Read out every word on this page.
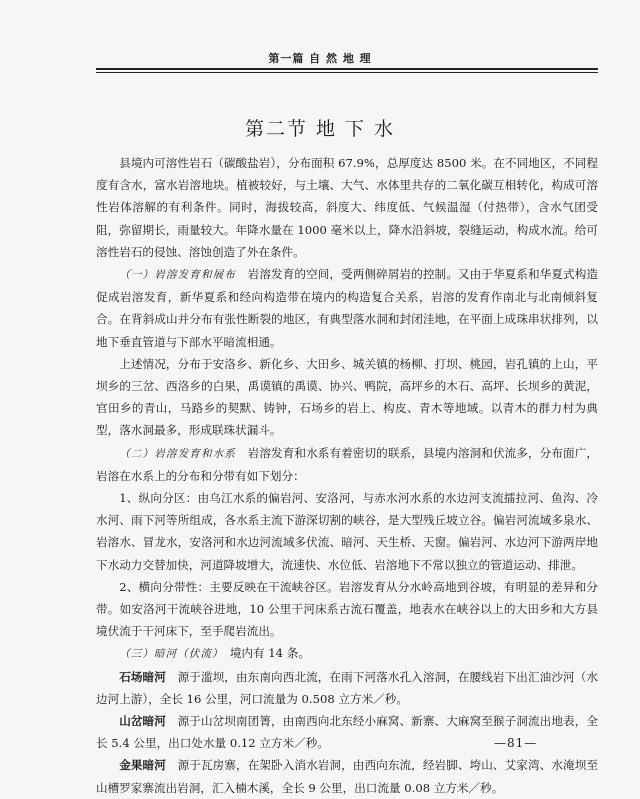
第一篇 自 然 地 理
第二节 地 下 水

县境内可溶性岩石（碳酸盐岩），分布面积 67.9%，总厚度达 8500 米。在不同地区，不同程度有含水，富水岩溶地块。植被较好，与土壤、大气、水体里共存的二氧化碳互相转化，构成可溶性岩体溶解的有利条件。同时，海拔较高，斜度大、纬度低、气候温湿（付热带），含水气团受阻，弥留期长，雨量较大。年降水量在 1000 毫米以上，降水沿斜坡，裂缝运动，构成水流。给可溶性岩石的侵蚀、溶蚀创造了外在条件。

（一）岩溶发育和展布　 岩溶发育的空间，受两侧碎屑岩的控制。又由于华夏系和华夏式构造促成岩溶发育，新华夏系和经向构造带在境内的构造复合关系，岩溶的发育作南北与北南倾斜复合。在背斜成山并分布有张性断裂的地区，有典型落水洞和封闭洼地，在平面上成珠串状排列，以地下垂直管道与下部水平暗流相通。

上述情况，分布于安洛乡、新化乡、大田乡、城关镇的杨柳、打坝、桃园，岩孔镇的上山，平坝乡的三岔、西洛乡的白果，禹谟镇的禹谟、协兴、鸭院，高坪乡的木石、高坪、长坝乡的黄泥，官田乡的青山，马路乡的契默、铸钟，石场乡的岩上、构皮、青木等地域。以青木的群力村为典型，落水洞最多，形成联珠状漏斗。

（二）岩溶发育和水系　 岩溶发育和水系有着密切的联系，县境内溶洞和伏流多，分布面广，岩溶在水系上的分布和分带有如下划分：

1、纵向分区：由乌江水系的偏岩河、安洛河，与赤水河水系的水边河支流擂拉河、鱼沟、冷水河、雨下河等所组成，各水系主流下游深切割的峡谷，是大型残丘坡立谷。偏岩河流域多泉水、岩溶水、冒龙水，安洛河和水边河流域多伏流、暗河、天生桥、天窗。偏岩河、水边河下游两岸地下水动力交替加快，河道降坡增大，流速快、水位低、岩溶地下不常以独立的管道运动、排泄。

2、横向分带性：主要反映在干流峡谷区。岩溶发育从分水岭高地到谷坡，有明显的差异和分带。如安洛河干流峡谷进地，10 公里干河床系古流石覆盖，地表水在峡谷以上的大田乡和大方县境伏流于干河床下，至手爬岩流出。

（三）暗河（伏流）　 境内有 14 条。

石场暗河　 源于滥坝，由东南向西北流，在雨下河落水孔入溶洞，在腰线岩下出汇油沙河（水边河上游），全长 16 公里，河口流量为 0.508 立方米／秒。

山岔暗河　 源于山岔坝南团箐，由南西向北东经小麻窝、新寨、大麻窝至猴子洞流出地表，全长 5.4 公里，出口处水量 0.12 立方米／秒。

金果暗河　 源于瓦房寨，在架卧入消水岩洞，由西向东流，经岩脚、垮山、艾家湾、水淹坝至山槽罗家寨流出岩洞，汇入楠木溪，全长 9 公里，出口流量 0.08 立方米／秒。

—81—
